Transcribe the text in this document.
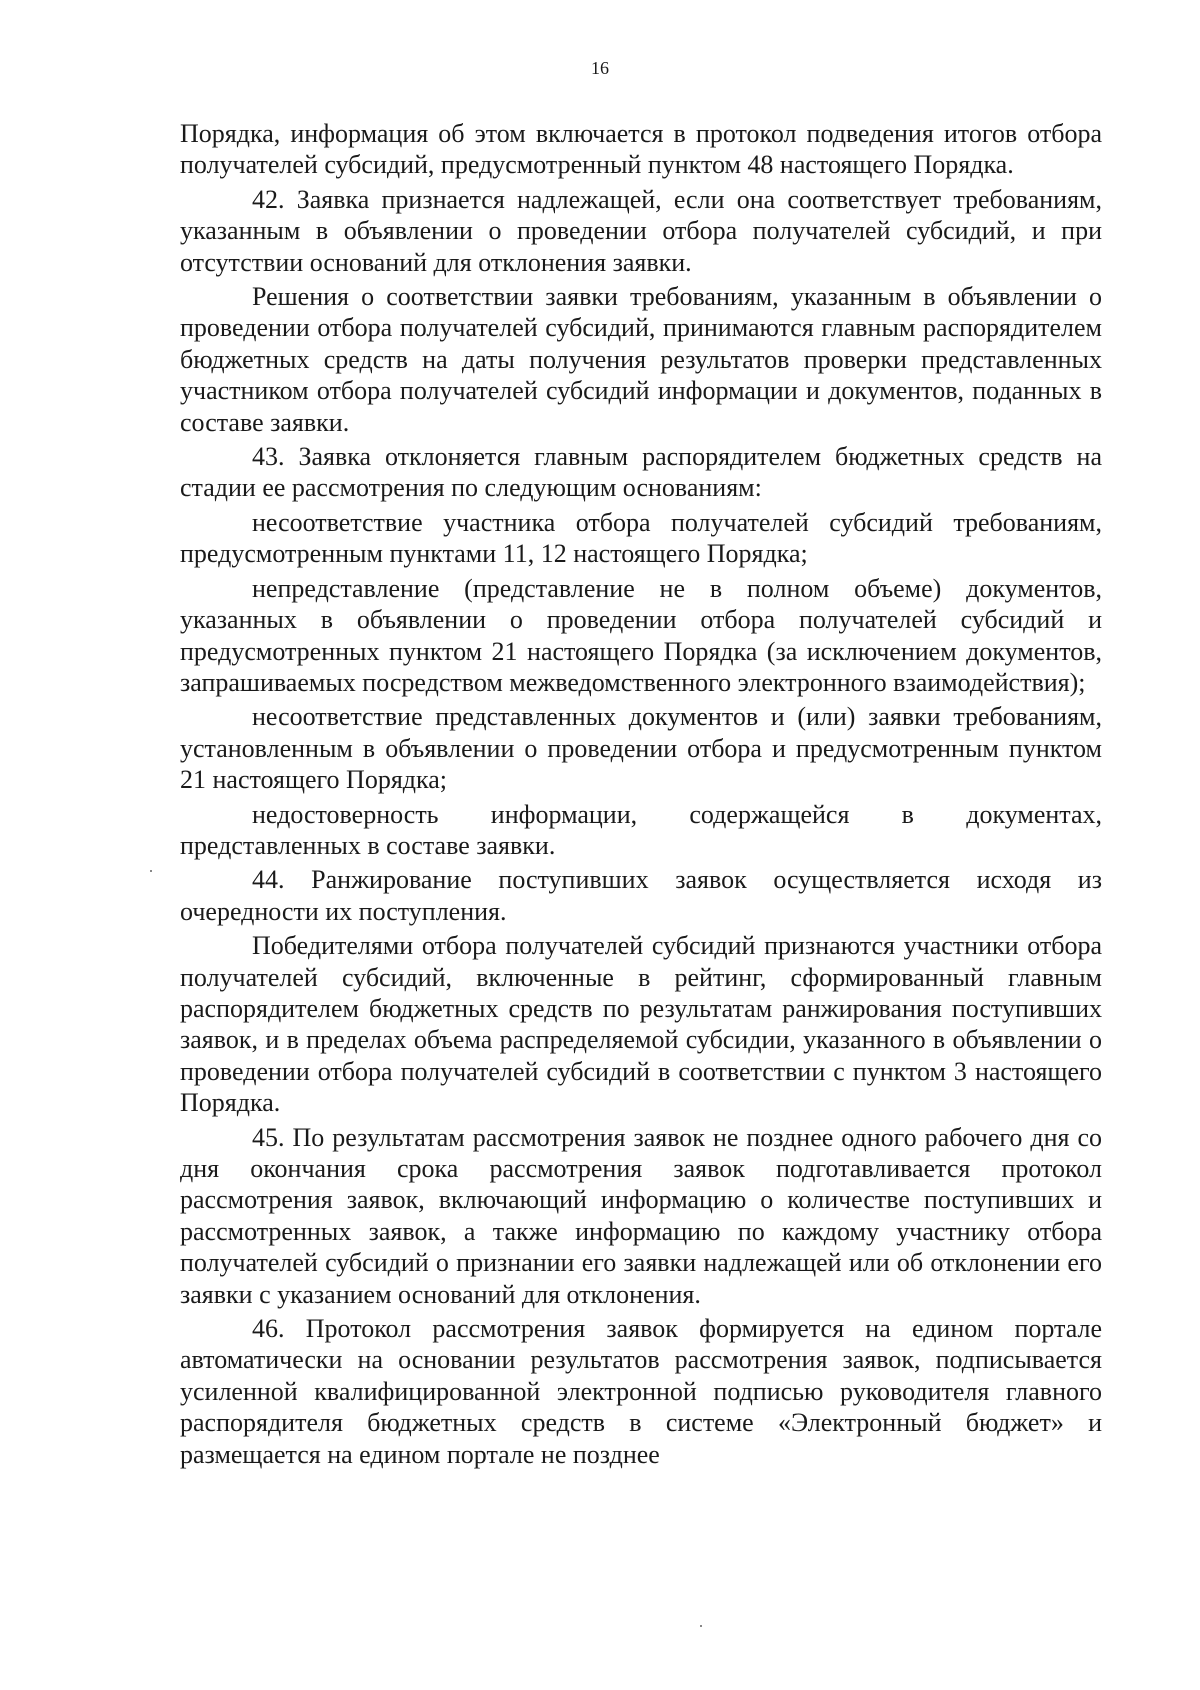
16

Порядка, информация об этом включается в протокол подведения итогов отбора получателей субсидий, предусмотренный пунктом 48 настоящего Порядка.

42. Заявка признается надлежащей, если она соответствует требованиям, указанным в объявлении о проведении отбора получателей субсидий, и при отсутствии оснований для отклонения заявки.

Решения о соответствии заявки требованиям, указанным в объявлении о проведении отбора получателей субсидий, принимаются главным распорядителем бюджетных средств на даты получения результатов проверки представленных участником отбора получателей субсидий информации и документов, поданных в составе заявки.

43. Заявка отклоняется главным распорядителем бюджетных средств на стадии ее рассмотрения по следующим основаниям:

несоответствие участника отбора получателей субсидий требованиям, предусмотренным пунктами 11, 12 настоящего Порядка;

непредставление (представление не в полном объеме) документов, указанных в объявлении о проведении отбора получателей субсидий и предусмотренных пунктом 21 настоящего Порядка (за исключением документов, запрашиваемых посредством межведомственного электронного взаимодействия);

несоответствие представленных документов и (или) заявки требованиям, установленным в объявлении о проведении отбора и предусмотренным пунктом 21 настоящего Порядка;

недостоверность информации, содержащейся в документах, представленных в составе заявки.

44. Ранжирование поступивших заявок осуществляется исходя из очередности их поступления.

Победителями отбора получателей субсидий признаются участники отбора получателей субсидий, включенные в рейтинг, сформированный главным распорядителем бюджетных средств по результатам ранжирования поступивших заявок, и в пределах объема распределяемой субсидии, указанного в объявлении о проведении отбора получателей субсидий в соответствии с пунктом 3 настоящего Порядка.

45. По результатам рассмотрения заявок не позднее одного рабочего дня со дня окончания срока рассмотрения заявок подготавливается протокол рассмотрения заявок, включающий информацию о количестве поступивших и рассмотренных заявок, а также информацию по каждому участнику отбора получателей субсидий о признании его заявки надлежащей или об отклонении его заявки с указанием оснований для отклонения.

46. Протокол рассмотрения заявок формируется на едином портале автоматически на основании результатов рассмотрения заявок, подписывается усиленной квалифицированной электронной подписью руководителя главного распорядителя бюджетных средств в системе «Электронный бюджет» и размещается на едином портале не позднее
